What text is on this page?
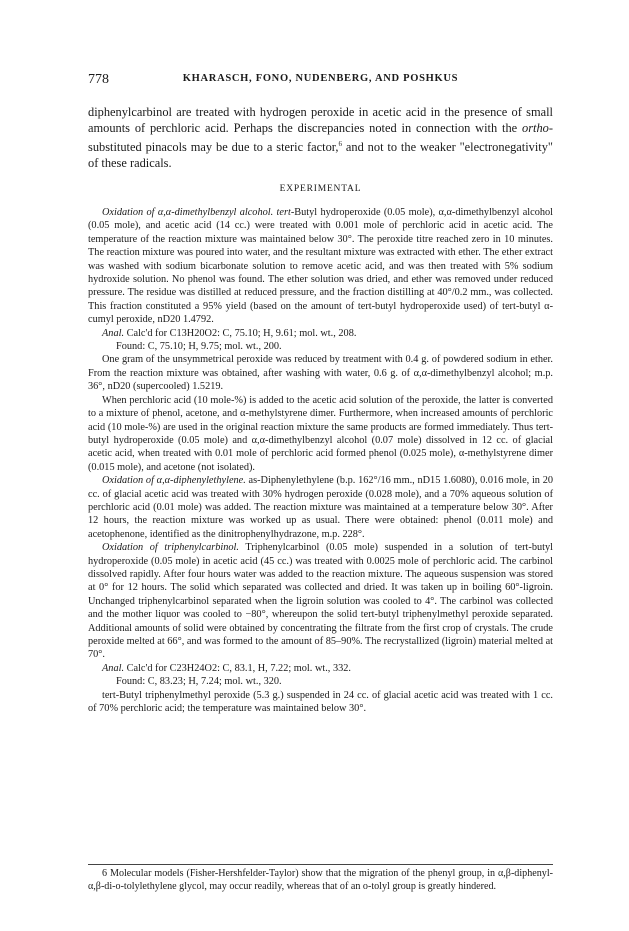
778	KHARASCH, FONO, NUDENBERG, AND POSHKUS

diphenylcarbinol are treated with hydrogen peroxide in acetic acid in the presence of small amounts of perchloric acid. Perhaps the discrepancies noted in connection with the ortho-substituted pinacols may be due to a steric factor,$^6$ and not to the weaker "electronegativity" of these radicals.

EXPERIMENTAL

Oxidation of α,α-dimethylbenzyl alcohol. tert-Butyl hydroperoxide (0.05 mole), α,α-dimethylbenzyl alcohol (0.05 mole), and acetic acid (14 cc.) were treated with 0.001 mole of perchloric acid in acetic acid. The temperature of the reaction mixture was maintained below 30°. The peroxide titre reached zero in 10 minutes. The reaction mixture was poured into water, and the resultant mixture was extracted with ether. The ether extract was washed with sodium bicarbonate solution to remove acetic acid, and was then treated with 5% sodium hydroxide solution. No phenol was found. The ether solution was dried, and ether was removed under reduced pressure. The residue was distilled at reduced pressure, and the fraction distilling at 40°/0.2 mm., was collected. This fraction constituted a 95% yield (based on the amount of tert-butyl hydroperoxide used) of tert-butyl α-cumyl peroxide, nD20 1.4792.

Anal. Calc'd for C13H20O2: C, 75.10; H, 9.61; mol. wt., 208.

Found: C, 75.10; H, 9.75; mol. wt., 200.

One gram of the unsymmetrical peroxide was reduced by treatment with 0.4 g. of powdered sodium in ether. From the reaction mixture was obtained, after washing with water, 0.6 g. of α,α-dimethylbenzyl alcohol; m.p. 36°, nD20 (supercooled) 1.5219.

When perchloric acid (10 mole-%) is added to the acetic acid solution of the peroxide, the latter is converted to a mixture of phenol, acetone, and α-methylstyrene dimer. Furthermore, when increased amounts of perchloric acid (10 mole-%) are used in the original reaction mixture the same products are formed immediately. Thus tert-butyl hydroperoxide (0.05 mole) and α,α-dimethylbenzyl alcohol (0.07 mole) dissolved in 12 cc. of glacial acetic acid, when treated with 0.01 mole of perchloric acid formed phenol (0.025 mole), α-methylstyrene dimer (0.015 mole), and acetone (not isolated).

Oxidation of α,α-diphenylethylene. as-Diphenylethylene (b.p. 162°/16 mm., nD15 1.6080), 0.016 mole, in 20 cc. of glacial acetic acid was treated with 30% hydrogen peroxide (0.028 mole), and a 70% aqueous solution of perchloric acid (0.01 mole) was added. The reaction mixture was maintained at a temperature below 30°. After 12 hours, the reaction mixture was worked up as usual. There were obtained: phenol (0.011 mole) and acetophenone, identified as the dinitrophenylhydrazone, m.p. 228°.

Oxidation of triphenylcarbinol. Triphenylcarbinol (0.05 mole) suspended in a solution of tert-butyl hydroperoxide (0.05 mole) in acetic acid (45 cc.) was treated with 0.0025 mole of perchloric acid. The carbinol dissolved rapidly. After four hours water was added to the reaction mixture. The aqueous suspension was stored at 0° for 12 hours. The solid which separated was collected and dried. It was taken up in boiling 60°-ligroin. Unchanged triphenylcarbinol separated when the ligroin solution was cooled to 4°. The carbinol was collected and the mother liquor was cooled to −80°, whereupon the solid tert-butyl triphenylmethyl peroxide separated. Additional amounts of solid were obtained by concentrating the filtrate from the first crop of crystals. The crude peroxide melted at 66°, and was formed to the amount of 85–90%. The recrystallized (ligroin) material melted at 70°.

Anal. Calc'd for C23H24O2: C, 83.1, H, 7.22; mol. wt., 332.

Found: C, 83.23; H, 7.24; mol. wt., 320.

tert-Butyl triphenylmethyl peroxide (5.3 g.) suspended in 24 cc. of glacial acetic acid was treated with 1 cc. of 70% perchloric acid; the temperature was maintained below 30°.

6 Molecular models (Fisher-Hershfelder-Taylor) show that the migration of the phenyl group, in α,β-diphenyl-α,β-di-o-tolylethylene glycol, may occur readily, whereas that of an o-tolyl group is greatly hindered.
